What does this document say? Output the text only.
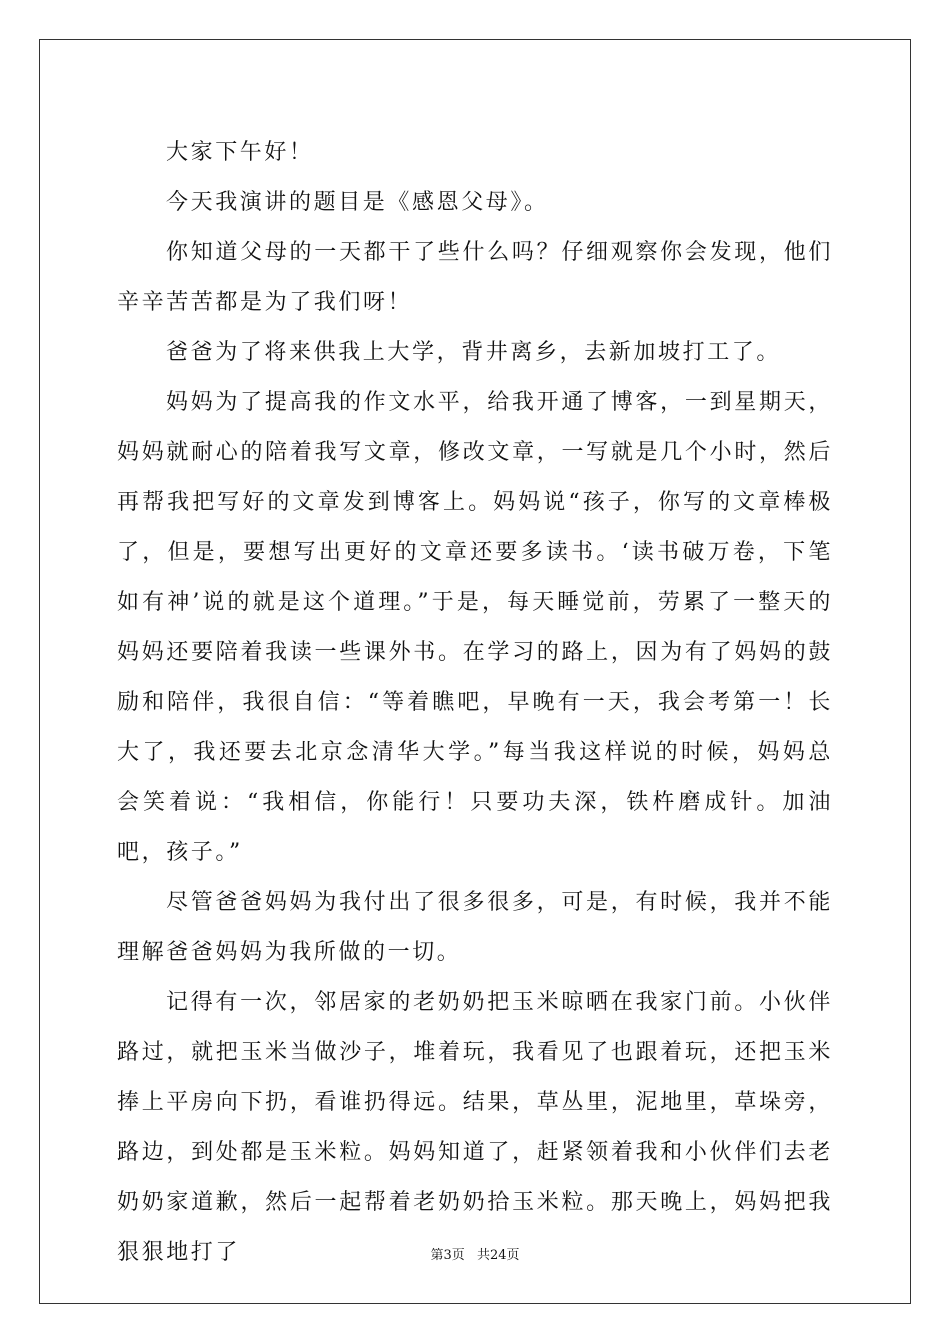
大家下午好！

今天我演讲的题目是《感恩父母》。

你知道父母的一天都干了些什么吗？仔细观察你会发现，他们辛辛苦苦都是为了我们呀！

爸爸为了将来供我上大学，背井离乡，去新加坡打工了。

妈妈为了提高我的作文水平，给我开通了博客，一到星期天，妈妈就耐心的陪着我写文章，修改文章，一写就是几个小时，然后再帮我把写好的文章发到博客上。妈妈说“孩子，你写的文章棒极了，但是，要想写出更好的文章还要多读书。‘读书破万卷，下笔如有神’说的就是这个道理。”于是，每天睡觉前，劳累了一整天的妈妈还要陪着我读一些课外书。在学习的路上，因为有了妈妈的鼓励和陪伴，我很自信：“等着瞧吧，早晚有一天，我会考第一！长大了，我还要去北京念清华大学。”每当我这样说的时候，妈妈总会笑着说：“我相信，你能行！只要功夫深，铁杵磨成针。加油吧，孩子。”

尽管爸爸妈妈为我付出了很多很多，可是，有时候，我并不能理解爸爸妈妈为我所做的一切。

记得有一次，邻居家的老奶奶把玉米晾晒在我家门前。小伙伴路过，就把玉米当做沙子，堆着玩，我看见了也跟着玩，还把玉米捧上平房向下扔，看谁扔得远。结果，草丛里，泥地里，草垛旁，路边，到处都是玉米粒。妈妈知道了，赶紧领着我和小伙伴们去老奶奶家道歉，然后一起帮着老奶奶拾玉米粒。那天晚上，妈妈把我狠狠地打了	第3页 共24页
